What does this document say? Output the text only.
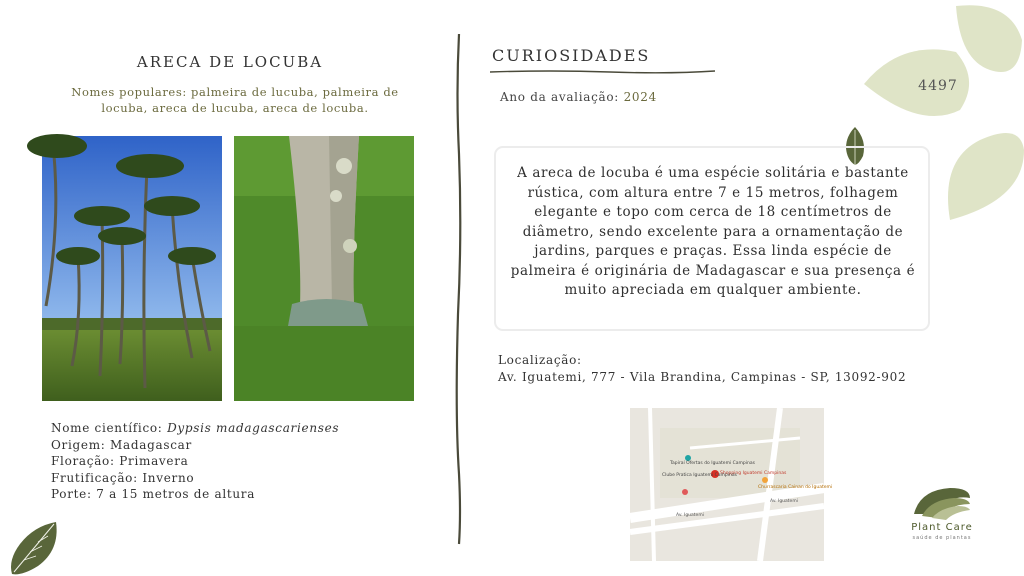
ARECA DE LOCUBA
Nomes populares: palmeira de lucuba, palmeira de locuba, areca de lucuba, areca de locuba.
Nome científico: Dypsis madagascarienses
Origem: Madagascar
Floração: Primavera
Frutificação: Inverno
Porte: 7 a 15 metros de altura
CURIOSIDADES
Ano da avaliação: 2024
4497
A areca de locuba é uma espécie solitária e bastante rústica, com altura entre 7 e 15 metros, folhagem elegante e topo com cerca de 18 centímetros de diâmetro, sendo excelente para a ornamentação de jardins, parques e praças. Essa linda espécie de palmeira é originária de Madagascar e sua presença é muito apreciada em qualquer ambiente.
Localização:
Av. Iguatemi, 777 - Vila Brandina, Campinas - SP, 13092-902
Tapiraí Ofertas do Iguatemi Campinas
Shopping Iguatemi Campinas
Clube Pratica Iguatemi Campinas
Churrascaria Cainan do Iguatemi
Av. Iguatemi
Av. Iguatemi
Plant Care
saúde de plantas
